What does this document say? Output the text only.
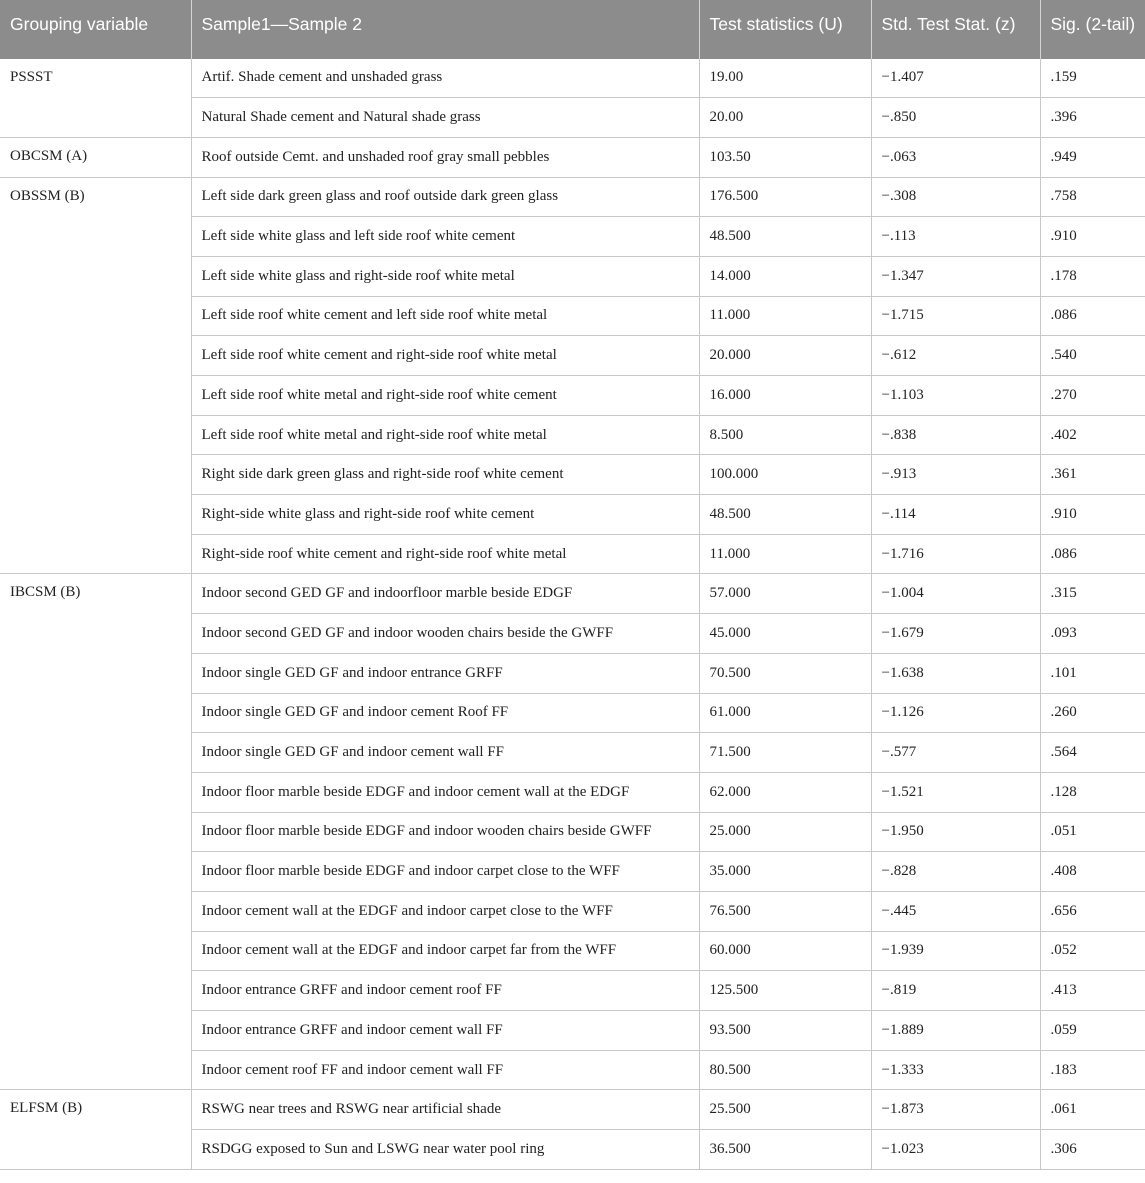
Grouping variable	Sample1—Sample 2	Test statistics (U)	Std. Test Stat. (z)	Sig. (2-tail)
PSSST	Artif. Shade cement and unshaded grass	19.00	−1.407	.159
	Natural Shade cement and Natural shade grass	20.00	−.850	.396
OBCSM (A)	Roof outside Cemt. and unshaded roof gray small pebbles	103.50	−.063	.949
OBSSM (B)	Left side dark green glass and roof outside dark green glass	176.500	−.308	.758
	Left side white glass and left side roof white cement	48.500	−.113	.910
	Left side white glass and right-side roof white metal	14.000	−1.347	.178
	Left side roof white cement and left side roof white metal	11.000	−1.715	.086
	Left side roof white cement and right-side roof white metal	20.000	−.612	.540
	Left side roof white metal and right-side roof white cement	16.000	−1.103	.270
	Left side roof white metal and right-side roof white metal	8.500	−.838	.402
	Right side dark green glass and right-side roof white cement	100.000	−.913	.361
	Right-side white glass and right-side roof white cement	48.500	−.114	.910
	Right-side roof white cement and right-side roof white metal	11.000	−1.716	.086
IBCSM (B)	Indoor second GED GF and indoorfloor marble beside EDGF	57.000	−1.004	.315
	Indoor second GED GF and indoor wooden chairs beside the GWFF	45.000	−1.679	.093
	Indoor single GED GF and indoor entrance GRFF	70.500	−1.638	.101
	Indoor single GED GF and indoor cement Roof FF	61.000	−1.126	.260
	Indoor single GED GF and indoor cement wall FF	71.500	−.577	.564
	Indoor floor marble beside EDGF and indoor cement wall at the EDGF	62.000	−1.521	.128
	Indoor floor marble beside EDGF and indoor wooden chairs beside GWFF	25.000	−1.950	.051
	Indoor floor marble beside EDGF and indoor carpet close to the WFF	35.000	−.828	.408
	Indoor cement wall at the EDGF and indoor carpet close to the WFF	76.500	−.445	.656
	Indoor cement wall at the EDGF and indoor carpet far from the WFF	60.000	−1.939	.052
	Indoor entrance GRFF and indoor cement roof FF	125.500	−.819	.413
	Indoor entrance GRFF and indoor cement wall FF	93.500	−1.889	.059
	Indoor cement roof FF and indoor cement wall FF	80.500	−1.333	.183
ELFSM (B)	RSWG near trees and RSWG near artificial shade	25.500	−1.873	.061
	RSDGG exposed to Sun and LSWG near water pool ring	36.500	−1.023	.306
